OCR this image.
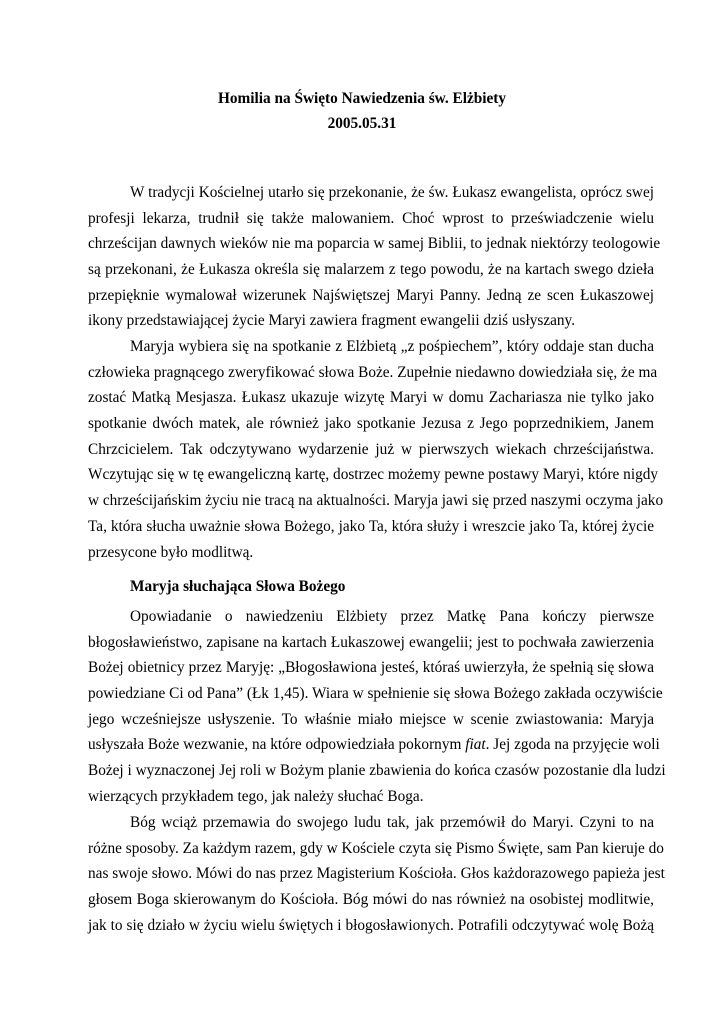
Homilia na Święto Nawiedzenia św. Elżbiety
2005.05.31
W tradycji Kościelnej utarło się przekonanie, że św. Łukasz ewangelista, oprócz swej
profesji lekarza, trudnił się także malowaniem. Choć wprost to przeświadczenie wielu
chrześcijan dawnych wieków nie ma poparcia w samej Biblii, to jednak niektórzy teologowie
są przekonani, że Łukasza określa się malarzem z tego powodu, że na kartach swego dzieła
przepięknie wymalował wizerunek Najświętszej Maryi Panny. Jedną ze scen Łukaszowej
ikony przedstawiającej życie Maryi zawiera fragment ewangelii dziś usłyszany.
Maryja wybiera się na spotkanie z Elżbietą „z pośpiechem”, który oddaje stan ducha
człowieka pragnącego zweryfikować słowa Boże. Zupełnie niedawno dowiedziała się, że ma
zostać Matką Mesjasza. Łukasz ukazuje wizytę Maryi w domu Zachariasza nie tylko jako
spotkanie dwóch matek, ale również jako spotkanie Jezusa z Jego poprzednikiem, Janem
Chrzcicielem. Tak odczytywano wydarzenie już w pierwszych wiekach chrześcijaństwa.
Wczytując się w tę ewangeliczną kartę, dostrzec możemy pewne postawy Maryi, które nigdy
w chrześcijańskim życiu nie tracą na aktualności. Maryja jawi się przed naszymi oczyma jako
Ta, która słucha uważnie słowa Bożego, jako Ta, która służy i wreszcie jako Ta, której życie
przesycone było modlitwą.
Maryja słuchająca Słowa Bożego
Opowiadanie o nawiedzeniu Elżbiety przez Matkę Pana kończy pierwsze
błogosławieństwo, zapisane na kartach Łukaszowej ewangelii; jest to pochwała zawierzenia
Bożej obietnicy przez Maryję: „Błogosławiona jesteś, któraś uwierzyła, że spełnią się słowa
powiedziane Ci od Pana” (Łk 1,45). Wiara w spełnienie się słowa Bożego zakłada oczywiście
jego wcześniejsze usłyszenie. To właśnie miało miejsce w scenie zwiastowania: Maryja
usłyszała Boże wezwanie, na które odpowiedziała pokornym fiat. Jej zgoda na przyjęcie woli
Bożej i wyznaczonej Jej roli w Bożym planie zbawienia do końca czasów pozostanie dla ludzi
wierzących przykładem tego, jak należy słuchać Boga.
Bóg wciąż przemawia do swojego ludu tak, jak przemówił do Maryi. Czyni to na
różne sposoby. Za każdym razem, gdy w Kościele czyta się Pismo Święte, sam Pan kieruje do
nas swoje słowo. Mówi do nas przez Magisterium Kościoła. Głos każdorazowego papieża jest
głosem Boga skierowanym do Kościoła. Bóg mówi do nas również na osobistej modlitwie,
jak to się działo w życiu wielu świętych i błogosławionych. Potrafili odczytywać wolę Bożą
